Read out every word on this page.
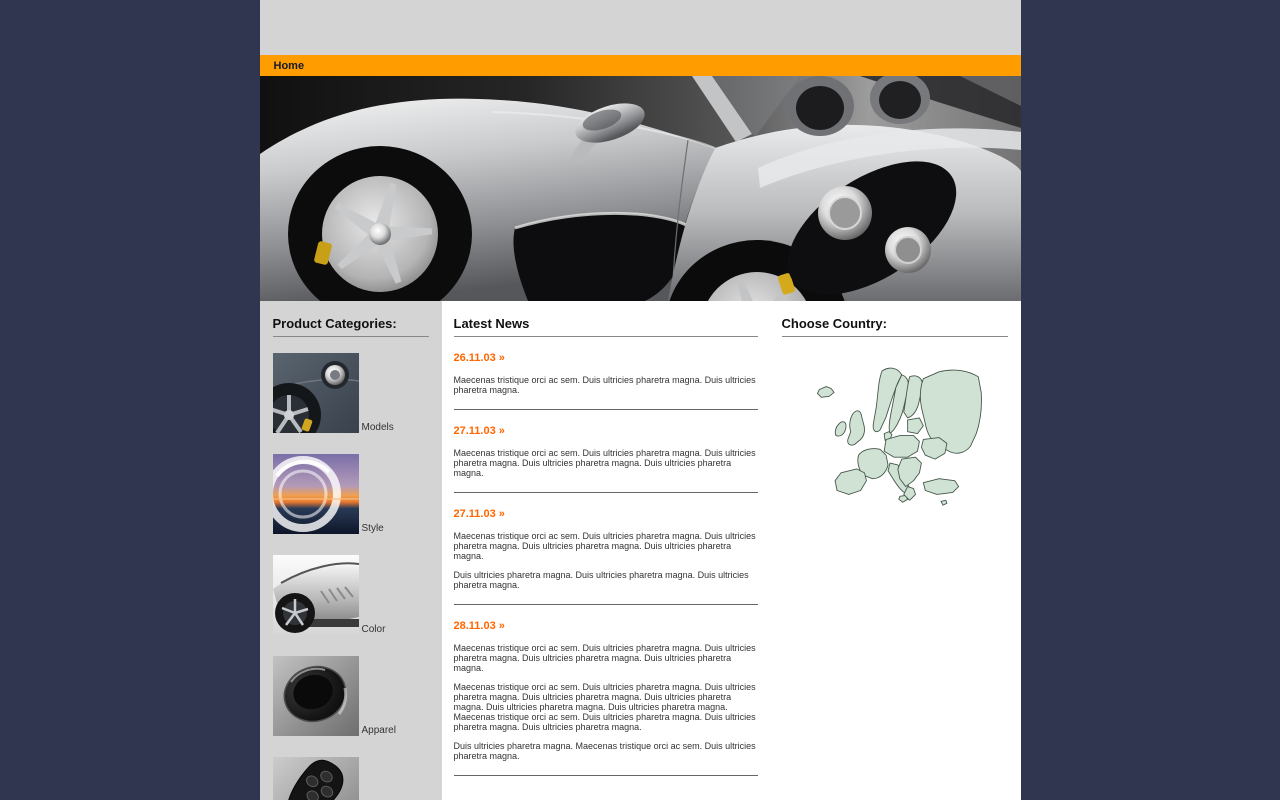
Home
Product Categories:
Models
Style
Color
Apparel
Latest News
26.11.03 »

Maecenas tristique orci ac sem. Duis ultricies pharetra magna. Duis ultricies pharetra magna.

27.11.03 »

Maecenas tristique orci ac sem. Duis ultricies pharetra magna. Duis ultricies pharetra magna. Duis ultricies pharetra magna. Duis ultricies pharetra magna.

27.11.03 »

Maecenas tristique orci ac sem. Duis ultricies pharetra magna. Duis ultricies pharetra magna. Duis ultricies pharetra magna. Duis ultricies pharetra magna.

Duis ultricies pharetra magna. Duis ultricies pharetra magna. Duis ultricies pharetra magna.

28.11.03 »

Maecenas tristique orci ac sem. Duis ultricies pharetra magna. Duis ultricies pharetra magna. Duis ultricies pharetra magna. Duis ultricies pharetra magna.

Maecenas tristique orci ac sem. Duis ultricies pharetra magna. Duis ultricies pharetra magna. Duis ultricies pharetra magna. Duis ultricies pharetra magna. Duis ultricies pharetra magna. Duis ultricies pharetra magna. Maecenas tristique orci ac sem. Duis ultricies pharetra magna. Duis ultricies pharetra magna. Duis ultricies pharetra magna.

Duis ultricies pharetra magna. Maecenas tristique orci ac sem. Duis ultricies pharetra magna.

Choose Country:
